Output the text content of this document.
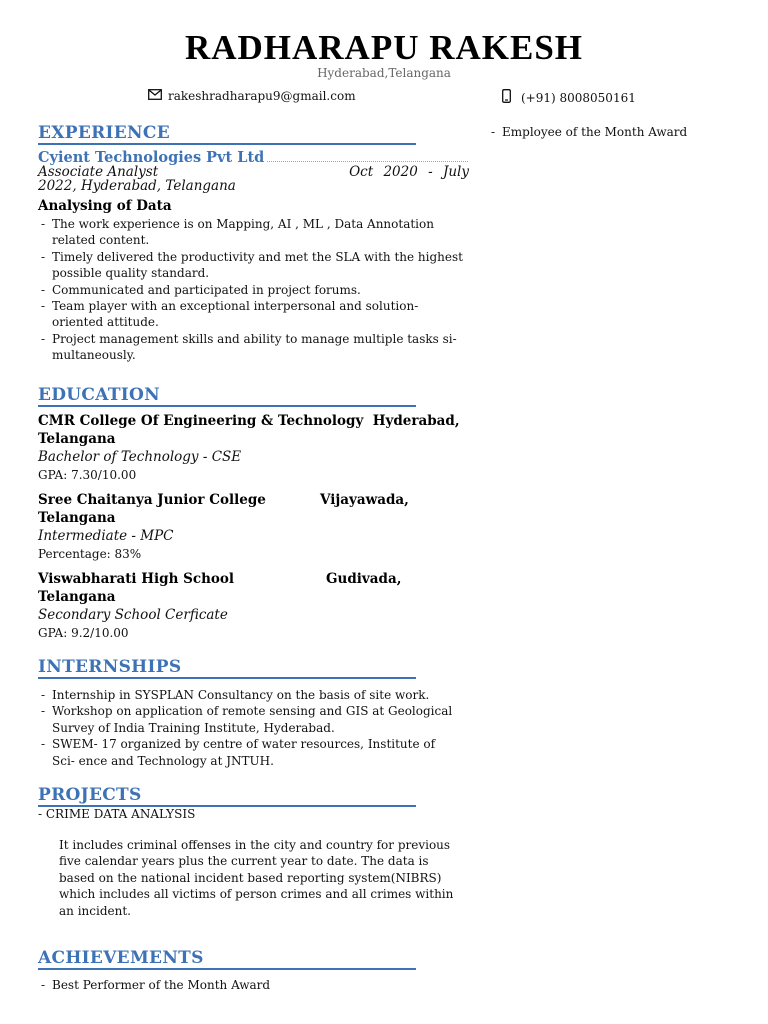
RADHARAPU RAKESH
Hyderabad,Telangana
rakeshradharapu9@gmail.com	(+91) 8008050161
- Employee of the Month Award
EXPERIENCE
Cyient Technologies Pvt Ltd
Associate Analyst	Oct 2020 - July
2022, Hyderabad, Telangana
Analysing of Data
- The work experience is on Mapping, AI , ML , Data Annotation related content.
- Timely delivered the productivity and met the SLA with the highest possible quality standard.
- Communicated and participated in project forums.
- Team player with an exceptional interpersonal and solution-oriented attitude.
- Project management skills and ability to manage multiple tasks si-multaneously.
EDUCATION
CMR College Of Engineering & Technology Hyderabad,
Telangana
Bachelor of Technology - CSE
GPA: 7.30/10.00
Sree Chaitanya Junior College	Vijayawada,
Telangana
Intermediate - MPC
Percentage: 83%
Viswabharati High School	Gudivada,
Telangana
Secondary School Cerficate
GPA: 9.2/10.00
INTERNSHIPS
- Internship in SYSPLAN Consultancy on the basis of site work.
- Workshop on application of remote sensing and GIS at Geological Survey of India Training Institute, Hyderabad.
- SWEM- 17 organized by centre of water resources, Institute of Sci- ence and Technology at JNTUH.
PROJECTS
- CRIME DATA ANALYSIS
It includes criminal offenses in the city and country for previous five calendar years plus the current year to date. The data is based on the national incident based reporting system(NIBRS) which includes all victims of person crimes and all crimes within an incident.
ACHIEVEMENTS
- Best Performer of the Month Award
